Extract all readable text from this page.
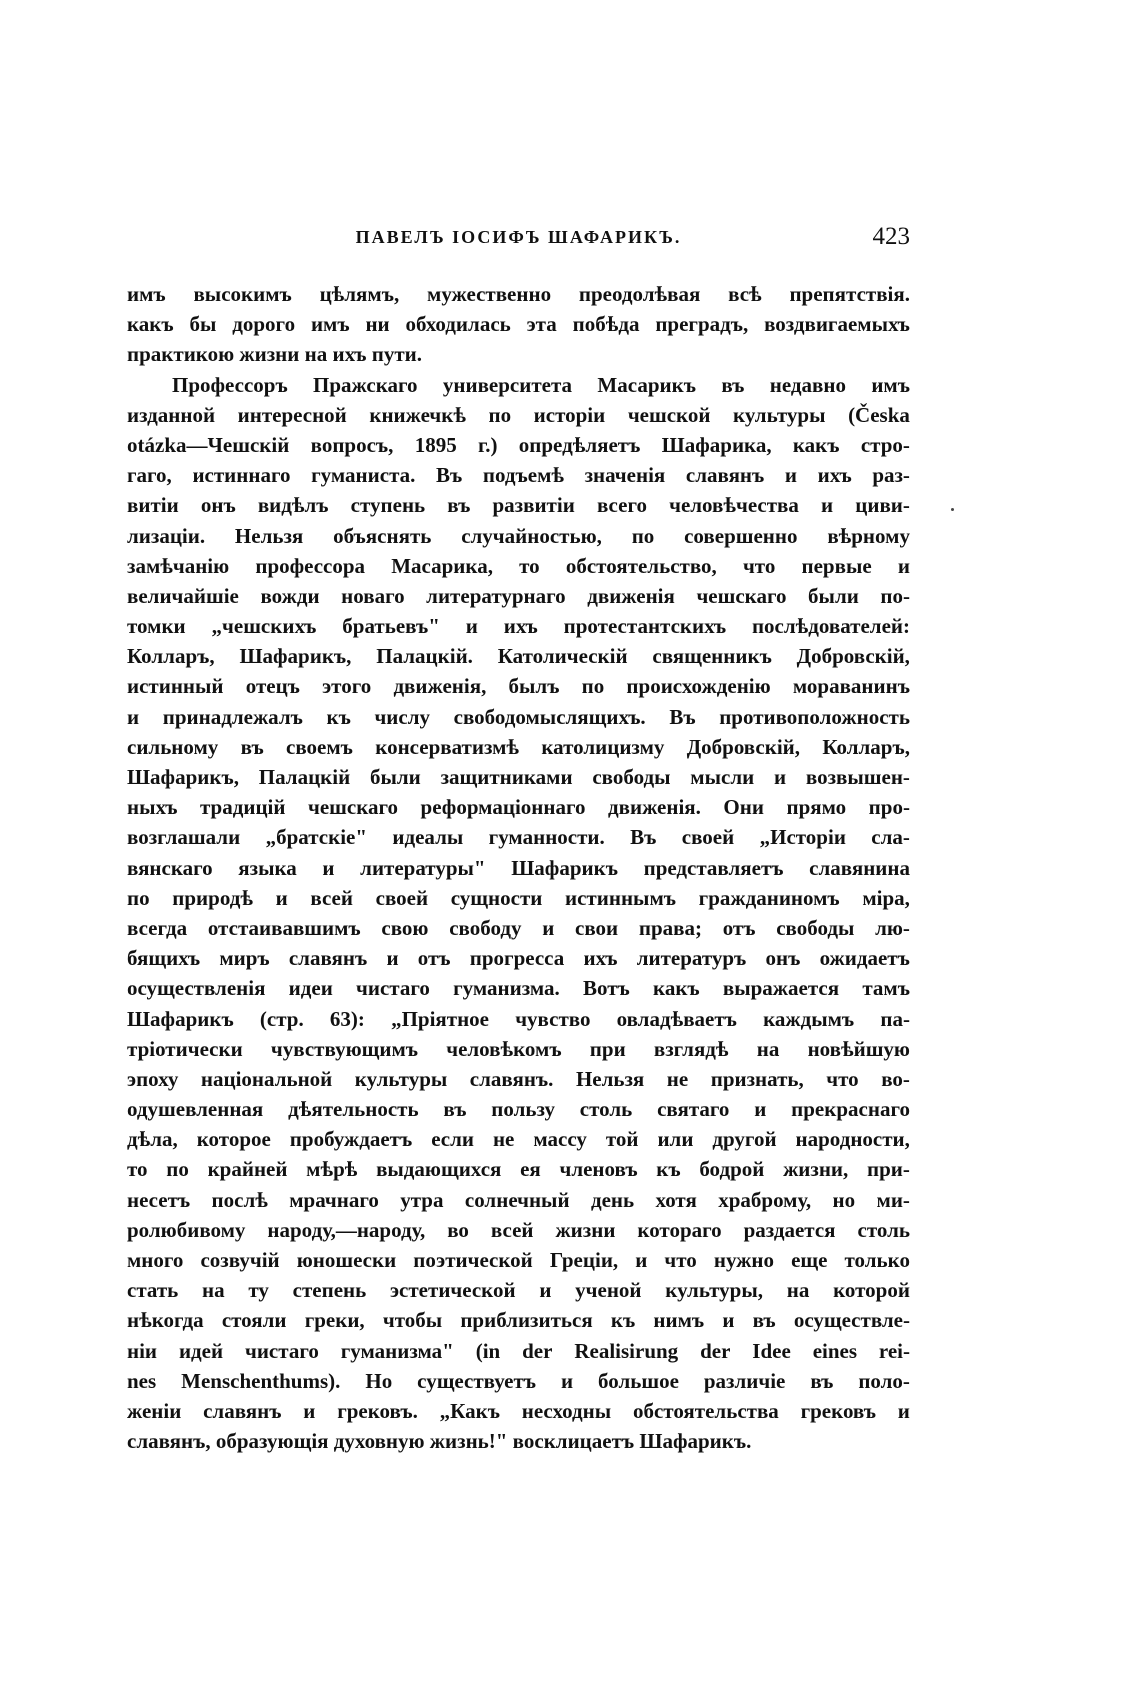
ПАВЕЛЪ ІОСИФЪ ШАФАРИКЪ.	423
имъ высокимъ цѣлямъ, мужественно преодолѣвая всѣ препятствія.
какъ бы дорого имъ ни обходилась эта побѣда преградъ, воздвигаемыхъ
практикою жизни на ихъ пути.
Профессоръ Пражскаго университета Масарикъ въ недавно имъ
изданной интересной книжечкѣ по исторіи чешской культуры (Česka
otázka—Чешскій вопросъ, 1895 г.) опредѣляетъ Шафарика, какъ стро-
гаго, истиннаго гуманиста. Въ подъемѣ значенія славянъ и ихъ раз-
витіи онъ видѣлъ ступень въ развитіи всего человѣчества и циви-
лизаціи. Нельзя объяснять случайностью, по совершенно вѣрному
замѣчанію профессора Масарика, то обстоятельство, что первые и
величайшіе вожди новаго литературнаго движенія чешскаго были по-
томки „чешскихъ братьевъ" и ихъ протестантскихъ послѣдователей:
Колларъ, Шафарикъ, Палацкій. Католическій священникъ Добровскій,
истинный отецъ этого движенія, былъ по происхожденію мораванинъ
и принадлежалъ къ числу свободомыслящихъ. Въ противоположность
сильному въ своемъ консерватизмѣ католицизму Добровскій, Колларъ,
Шафарикъ, Палацкій были защитниками свободы мысли и возвышен-
ныхъ традицій чешскаго реформаціоннаго движенія. Они прямо про-
возглашали „братскіе" идеалы гуманности. Въ своей „Исторіи сла-
вянскаго языка и литературы" Шафарикъ представляетъ славянина
по природѣ и всей своей сущности истиннымъ гражданиномъ міра,
всегда отстаивавшимъ свою свободу и свои права; отъ свободы лю-
бящихъ миръ славянъ и отъ прогресса ихъ литературъ онъ ожидаетъ
осуществленія идеи чистаго гуманизма. Вотъ какъ выражается тамъ
Шафарикъ (стр. 63): „Пріятное чувство овладѣваетъ каждымъ па-
тріотически чувствующимъ человѣкомъ при взглядѣ на новѣйшую
эпоху національной культуры славянъ. Нельзя не признать, что во-
одушевленная дѣятельность въ пользу столь святаго и прекраснаго
дѣла, которое пробуждаетъ если не массу той или другой народности,
то по крайней мѣрѣ выдающихся ея членовъ къ бодрой жизни, при-
несетъ послѣ мрачнаго утра солнечный день хотя храброму, но ми-
ролюбивому народу,—народу, во всей жизни котораго раздается столь
много созвучій юношески поэтической Греціи, и что нужно еще только
стать на ту степень эстетической и ученой культуры, на которой
нѣкогда стояли греки, чтобы приблизиться къ нимъ и въ осуществле-
ніи идей чистаго гуманизма" (in der Realisirung der Idee eines rei-
nes Menschenthums). Но существуетъ и большое различіе въ поло-
женіи славянъ и грековъ. „Какъ несходны обстоятельства грековъ и
славянъ, образующія духовную жизнь!" восклицаетъ Шафарикъ.
